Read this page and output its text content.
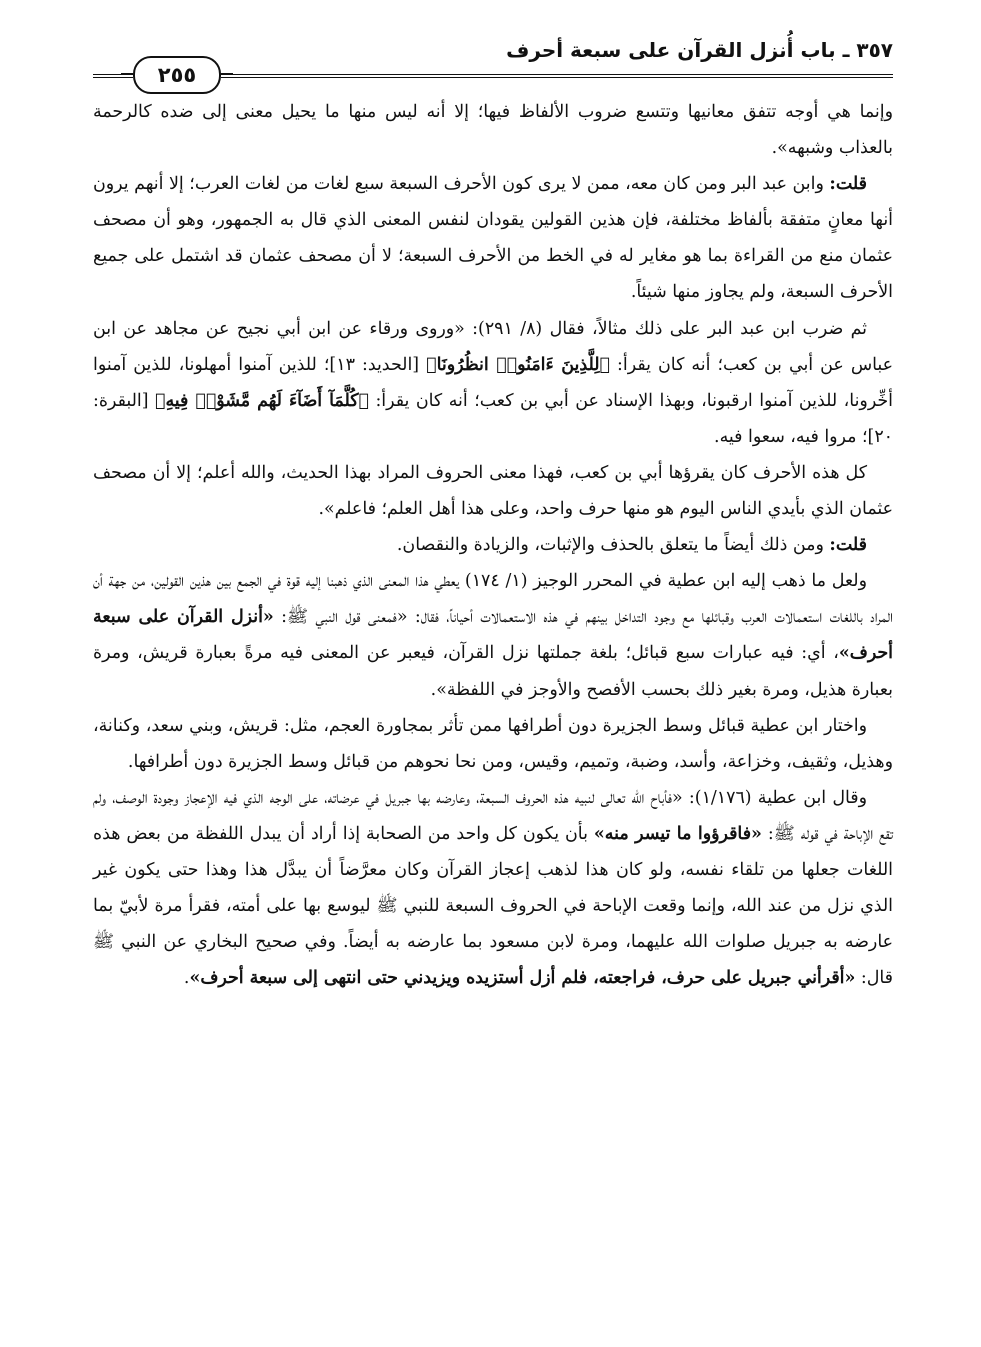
٣٥٧ ـ باب أُنزل القرآن على سبعة أحرف
٢٥٥

وإنما هي أوجه تتفق معانيها وتتسع ضروب الألفاظ فيها؛ إلا أنه ليس منها ما يحيل معنى إلى ضده كالرحمة بالعذاب وشبهه».

قلت: وابن عبد البر ومن كان معه، ممن لا يرى كون الأحرف السبعة سبع لغات من لغات العرب؛ إلا أنهم يرون أنها معانٍ متفقة بألفاظ مختلفة، فإن هذين القولين يقودان لنفس المعنى الذي قال به الجمهور، وهو أن مصحف عثمان منع من القراءة بما هو مغاير له في الخط من الأحرف السبعة؛ لا أن مصحف عثمان قد اشتمل على جميع الأحرف السبعة، ولم يجاوز منها شيئاً.

ثم ضرب ابن عبد البر على ذلك مثالاً، فقال (٨/ ٢٩١): «وروى ورقاء عن ابن أبي نجيح عن مجاهد عن ابن عباس عن أبي بن كعب؛ أنه كان يقرأ: ﴿لِلَّذِينَ ءَامَنُوا۟ انظُرُونَا﴾ [الحديد: ١٣]؛ للذين آمنوا أمهلونا، للذين آمنوا أخِّرونا، للذين آمنوا ارقبونا، وبهذا الإسناد عن أبي بن كعب؛ أنه كان يقرأ: ﴿كُلَّمَآ أَضَآءَ لَهُم مَّشَوْا۟ فِيهِ﴾ [البقرة: ٢٠]؛ مروا فيه، سعوا فيه.

كل هذه الأحرف كان يقرؤها أبي بن كعب، فهذا معنى الحروف المراد بهذا الحديث، والله أعلم؛ إلا أن مصحف عثمان الذي بأيدي الناس اليوم هو منها حرف واحد، وعلى هذا أهل العلم؛ فاعلم».

قلت: ومن ذلك أيضاً ما يتعلق بالحذف والإثبات، والزيادة والنقصان.

ولعل ما ذهب إليه ابن عطية في المحرر الوجيز (١/ ١٧٤) يعطي هذا المعنى الذي ذهبنا إليه قوة في الجمع بين هذين القولين، من جهة أن المراد باللغات استعمالات العرب وقبائلها مع وجود التداخل بينهم في هذه الاستعمالات أحياناً، فقال: «فمعنى قول النبي ﷺ: «أنزل القرآن على سبعة أحرف»، أي: فيه عبارات سبع قبائل؛ بلغة جملتها نزل القرآن، فيعبر عن المعنى فيه مرةً بعبارة قريش، ومرة بعبارة هذيل، ومرة بغير ذلك بحسب الأفصح والأوجز في اللفظة».

واختار ابن عطية قبائل وسط الجزيرة دون أطرافها ممن تأثر بمجاورة العجم، مثل: قريش، وبني سعد، وكنانة، وهذيل، وثقيف، وخزاعة، وأسد، وضبة، وتميم، وقيس، ومن نحا نحوهم من قبائل وسط الجزيرة دون أطرافها.

وقال ابن عطية (١/١٧٦): «فأباح الله تعالى لنبيه هذه الحروف السبعة، وعارضه بها جبريل في عرضاته، على الوجه الذي فيه الإعجاز وجودة الوصف، ولم تقع الإباحة في قوله ﷺ: «فاقرؤوا ما تيسر منه» بأن يكون كل واحد من الصحابة إذا أراد أن يبدل اللفظة من بعض هذه اللغات جعلها من تلقاء نفسه، ولو كان هذا لذهب إعجاز القرآن وكان معرَّضاً أن يبدَّل هذا وهذا حتى يكون غير الذي نزل من عند الله، وإنما وقعت الإباحة في الحروف السبعة للنبي ﷺ ليوسع بها على أمته، فقرأ مرة لأبيّ بما عارضه به جبريل صلوات الله عليهما، ومرة لابن مسعود بما عارضه به أيضاً. وفي صحيح البخاري عن النبي ﷺ قال: «أقرأني جبريل على حرف، فراجعته، فلم أزل أستزيده ويزيدني حتى انتهى إلى سبعة أحرف».
